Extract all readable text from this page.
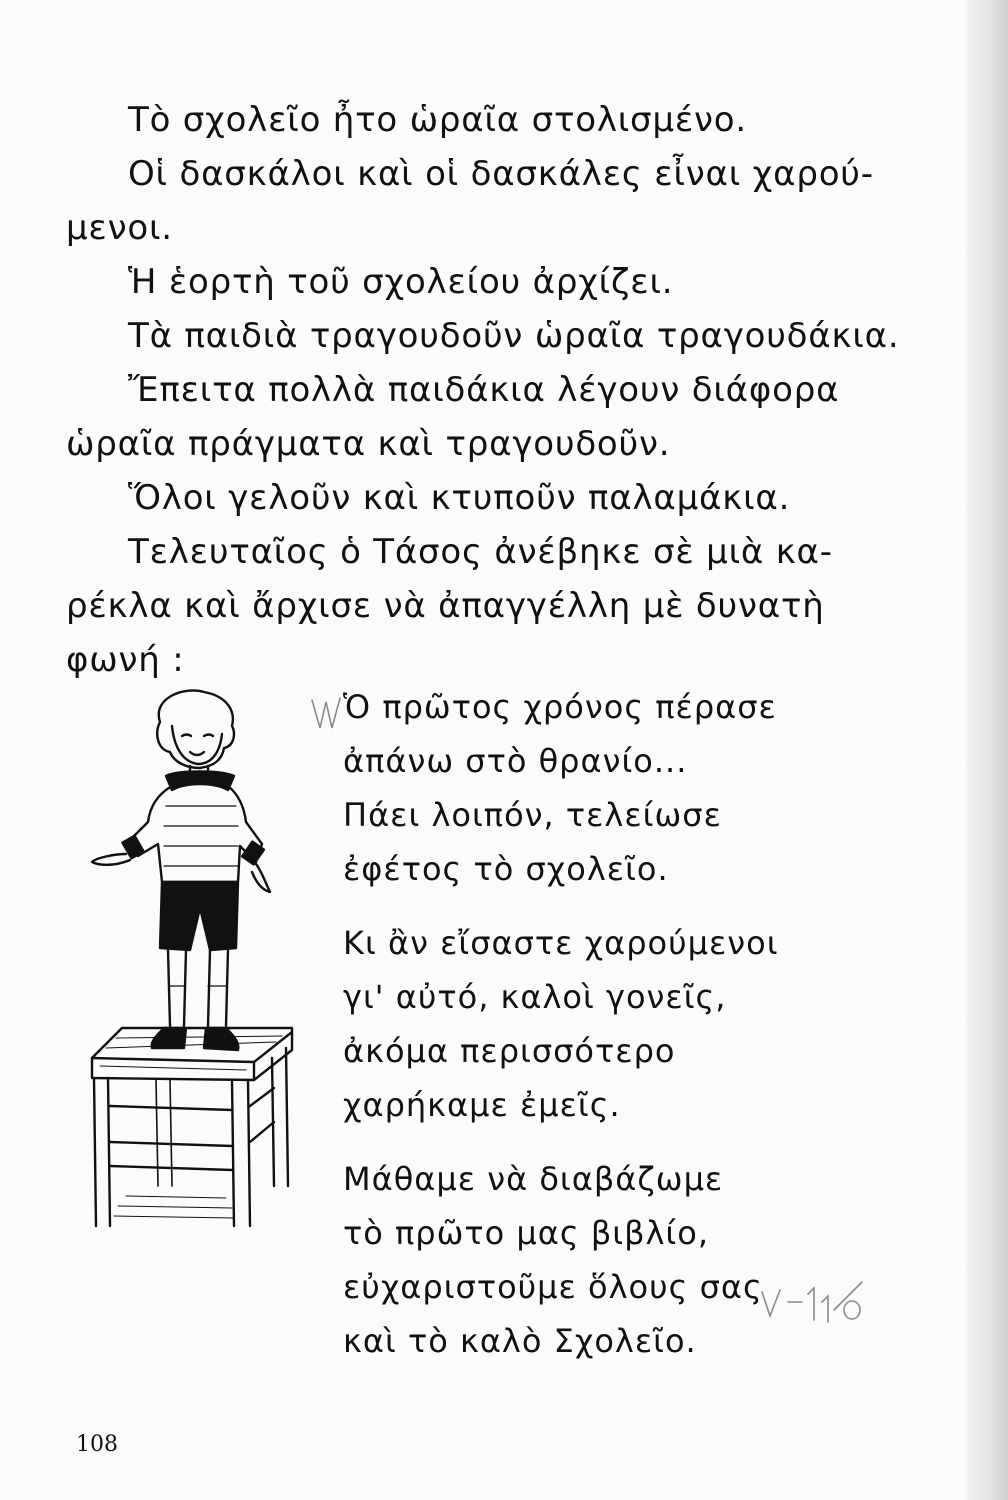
Τὸ σχολεῖο ἦτο ὡραῖα στολισμένο.
Οἱ δασκάλοι καὶ οἱ δασκάλες εἶναι χαρού-
μενοι.
Ἡ ἑορτὴ τοῦ σχολείου ἀρχίζει.
Τὰ παιδιὰ τραγουδοῦν ὡραῖα τραγουδάκια.
Ἔπειτα πολλὰ παιδάκια λέγουν διάφορα
ὡραῖα πράγματα καὶ τραγουδοῦν.
Ὅλοι γελοῦν καὶ κτυποῦν παλαμάκια.
Τελευταῖος ὁ Τάσος ἀνέβηκε σὲ μιὰ κα-
ρέκλα καὶ ἄρχισε νὰ ἀπαγγέλλη μὲ δυνατὴ
φωνή :
Ὁ πρῶτος χρόνος πέρασε
ἀπάνω στὸ θρανίο...
Πάει λοιπόν, τελείωσε
ἐφέτος τὸ σχολεῖο.
Κι ἂν εἴσαστε χαρούμενοι
γι' αὐτό, καλοὶ γονεῖς,
ἀκόμα περισσότερο
χαρήκαμε ἐμεῖς.
Μάθαμε νὰ διαβάζωμε
τὸ πρῶτο μας βιβλίο,
εὐχαριστοῦμε ὅλους σας
καὶ τὸ καλὸ Σχολεῖο.
108
